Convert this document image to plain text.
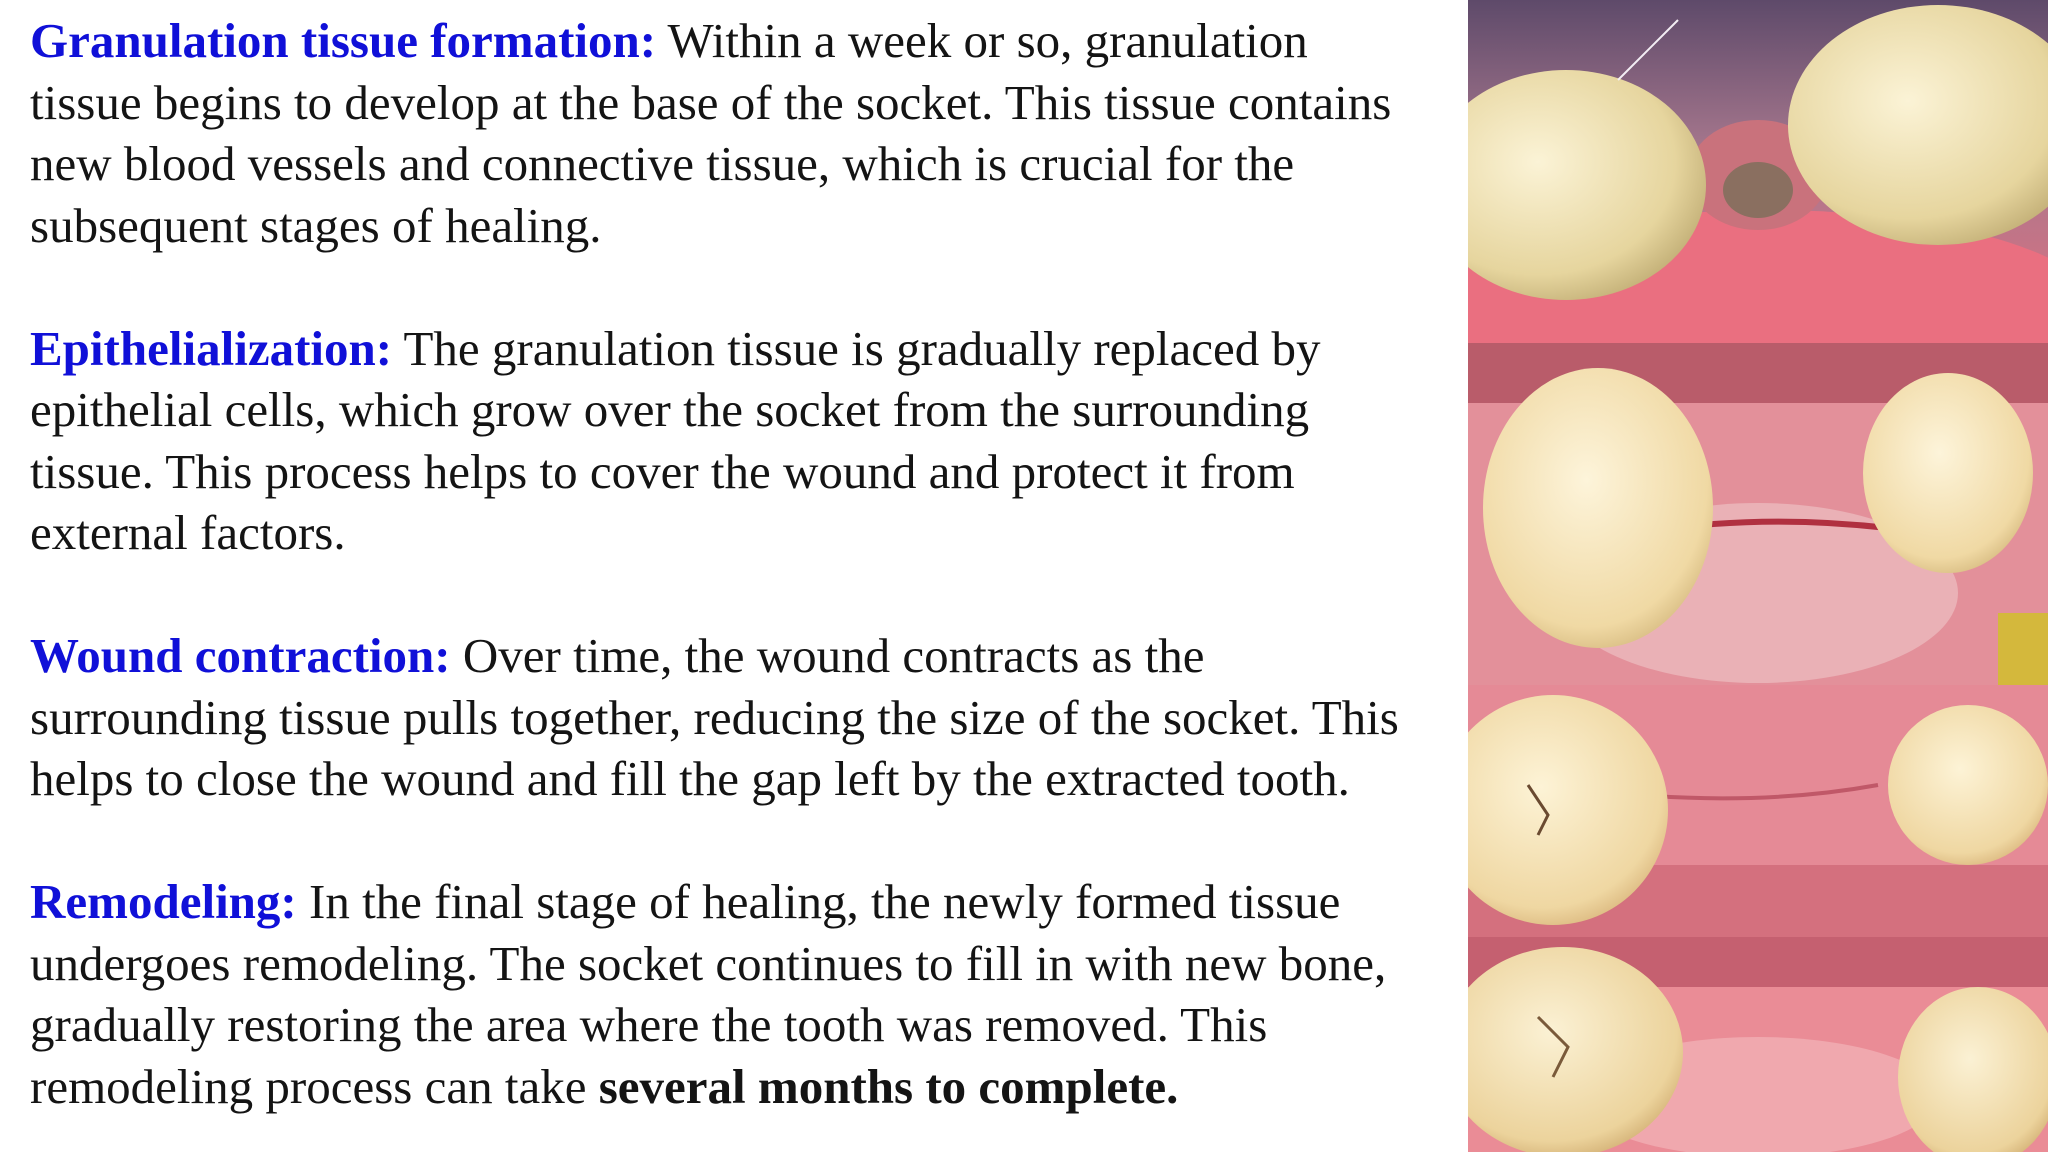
Granulation tissue formation: Within a week or so, granulation tissue begins to develop at the base of the socket. This tissue contains new blood vessels and connective tissue, which is crucial for the subsequent stages of healing.

Epithelialization: The granulation tissue is gradually replaced by epithelial cells, which grow over the socket from the surrounding tissue. This process helps to cover the wound and protect it from external factors.

Wound contraction: Over time, the wound contracts as the surrounding tissue pulls together, reducing the size of the socket. This helps to close the wound and fill the gap left by the extracted tooth.

Remodeling: In the final stage of healing, the newly formed tissue undergoes remodeling. The socket continues to fill in with new bone, gradually restoring the area where the tooth was removed. This remodeling process can take several months to complete.
